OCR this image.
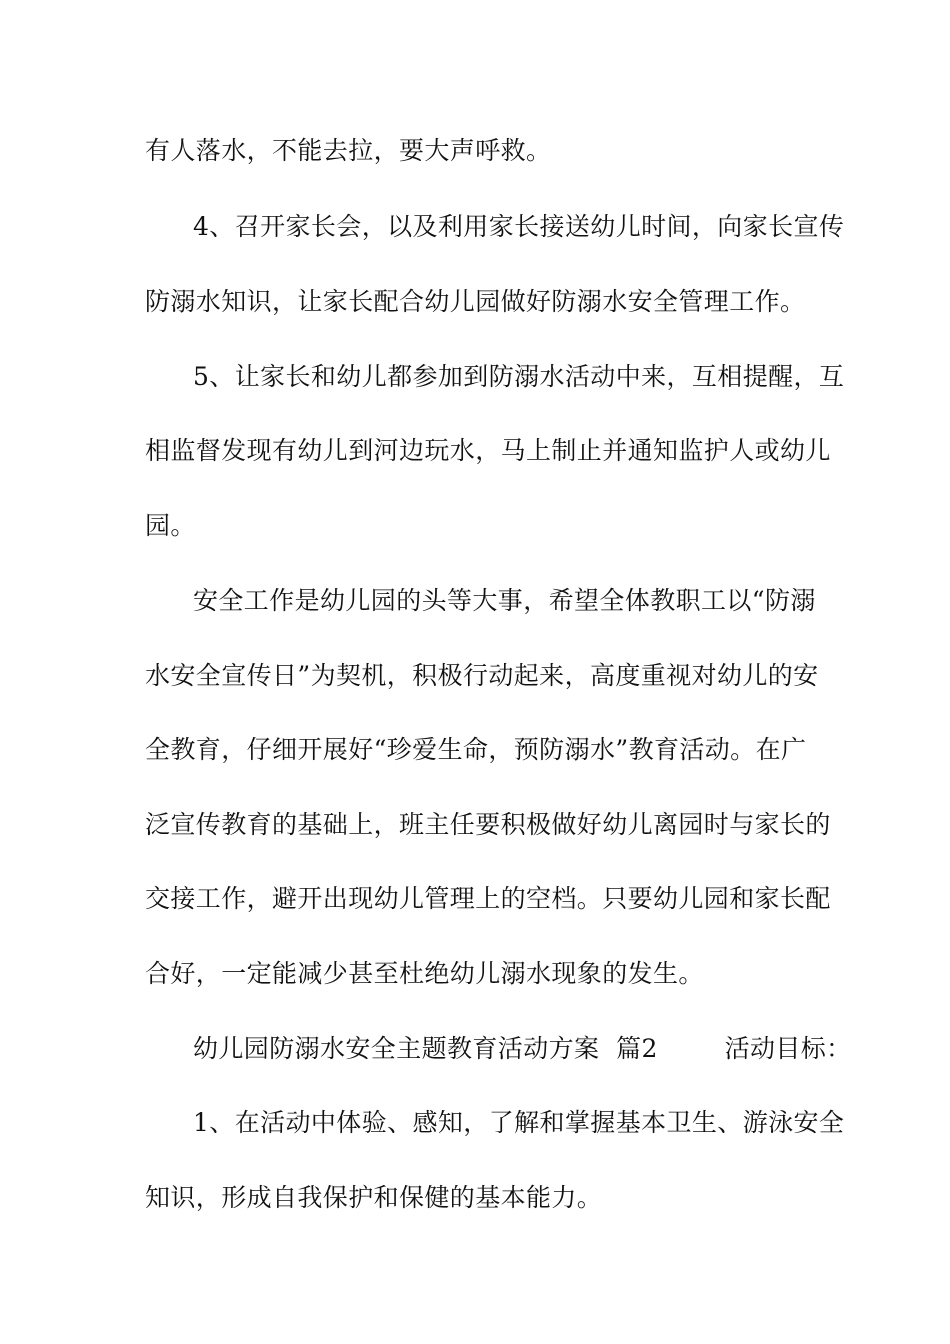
有人落水，不能去拉，要大声呼救。
4、召开家长会，以及利用家长接送幼儿时间，向家长宣传
防溺水知识，让家长配合幼儿园做好防溺水安全管理工作。
5、让家长和幼儿都参加到防溺水活动中来，互相提醒，互
相监督发现有幼儿到河边玩水，马上制止并通知监护人或幼儿
园。
安全工作是幼儿园的头等大事，希望全体教职工以“防溺
水安全宣传日”为契机，积极行动起来，高度重视对幼儿的安
全教育，仔细开展好“珍爱生命，预防溺水”教育活动。在广
泛宣传教育的基础上，班主任要积极做好幼儿离园时与家长的
交接工作，避开出现幼儿管理上的空档。只要幼儿园和家长配
合好，一定能减少甚至杜绝幼儿溺水现象的发生。
幼儿园防溺水安全主题教育活动方案  篇2        活动目标：
1、在活动中体验、感知，了解和掌握基本卫生、游泳安全
知识，形成自我保护和保健的基本能力。
